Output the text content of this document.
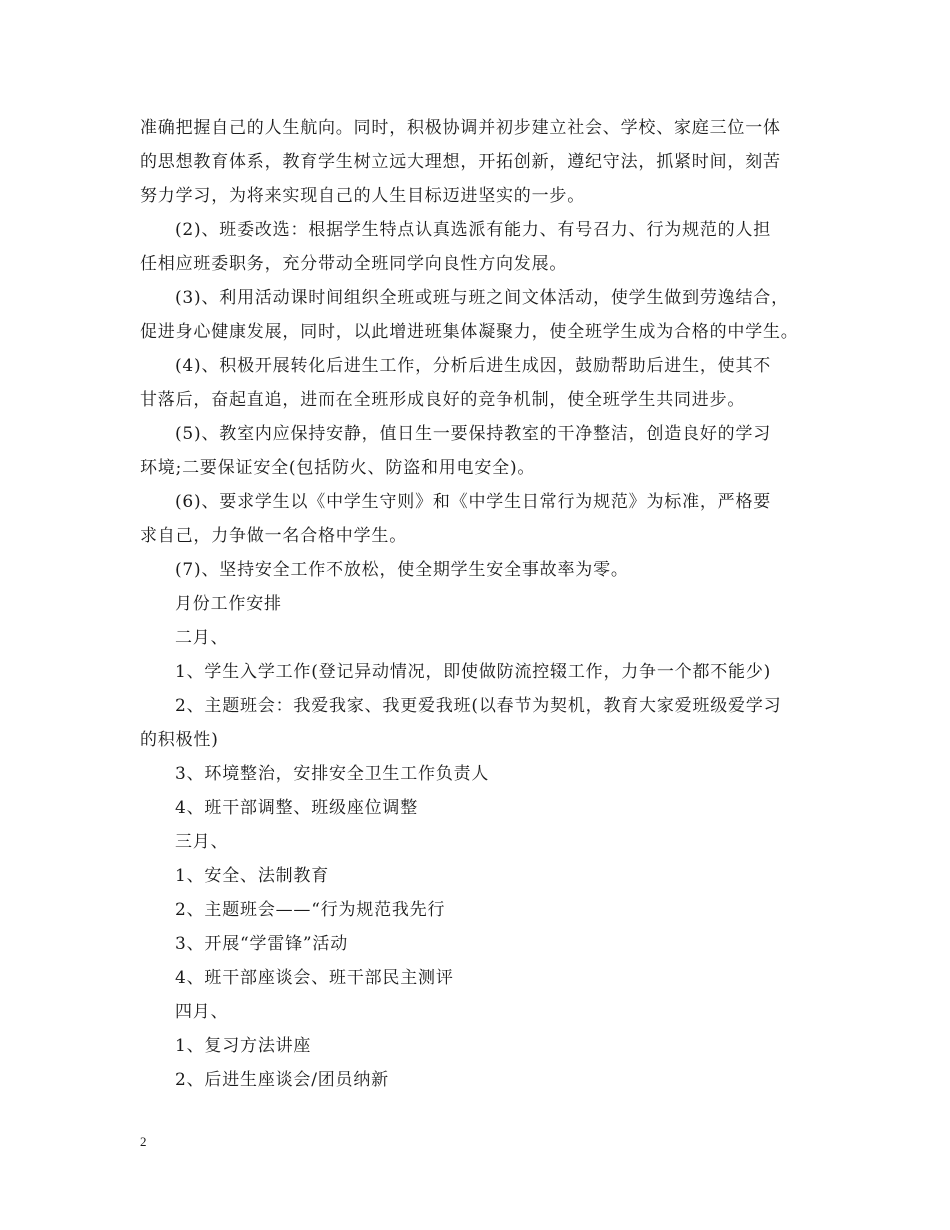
准确把握自己的人生航向。同时，积极协调并初步建立社会、学校、家庭三位一体
的思想教育体系，教育学生树立远大理想，开拓创新，遵纪守法，抓紧时间，刻苦
努力学习，为将来实现自己的人生目标迈进坚实的一步。
(2)、班委改选：根据学生特点认真选派有能力、有号召力、行为规范的人担
任相应班委职务，充分带动全班同学向良性方向发展。
(3)、利用活动课时间组织全班或班与班之间文体活动，使学生做到劳逸结合，
促进身心健康发展，同时，以此增进班集体凝聚力，使全班学生成为合格的中学生。
(4)、积极开展转化后进生工作，分析后进生成因，鼓励帮助后进生，使其不
甘落后，奋起直追，进而在全班形成良好的竞争机制，使全班学生共同进步。
(5)、教室内应保持安静，值日生一要保持教室的干净整洁，创造良好的学习
环境;二要保证安全(包括防火、防盗和用电安全)。
(6)、要求学生以《中学生守则》和《中学生日常行为规范》为标准，严格要
求自己，力争做一名合格中学生。
(7)、坚持安全工作不放松，使全期学生安全事故率为零。
月份工作安排
二月、
1、学生入学工作(登记异动情况，即使做防流控辍工作，力争一个都不能少)
2、主题班会：我爱我家、我更爱我班(以春节为契机，教育大家爱班级爱学习
的积极性)
3、环境整治，安排安全卫生工作负责人
4、班干部调整、班级座位调整
三月、
1、安全、法制教育
2、主题班会——“行为规范我先行
3、开展“学雷锋”活动
4、班干部座谈会、班干部民主测评
四月、
1、复习方法讲座
2、后进生座谈会/团员纳新
2
